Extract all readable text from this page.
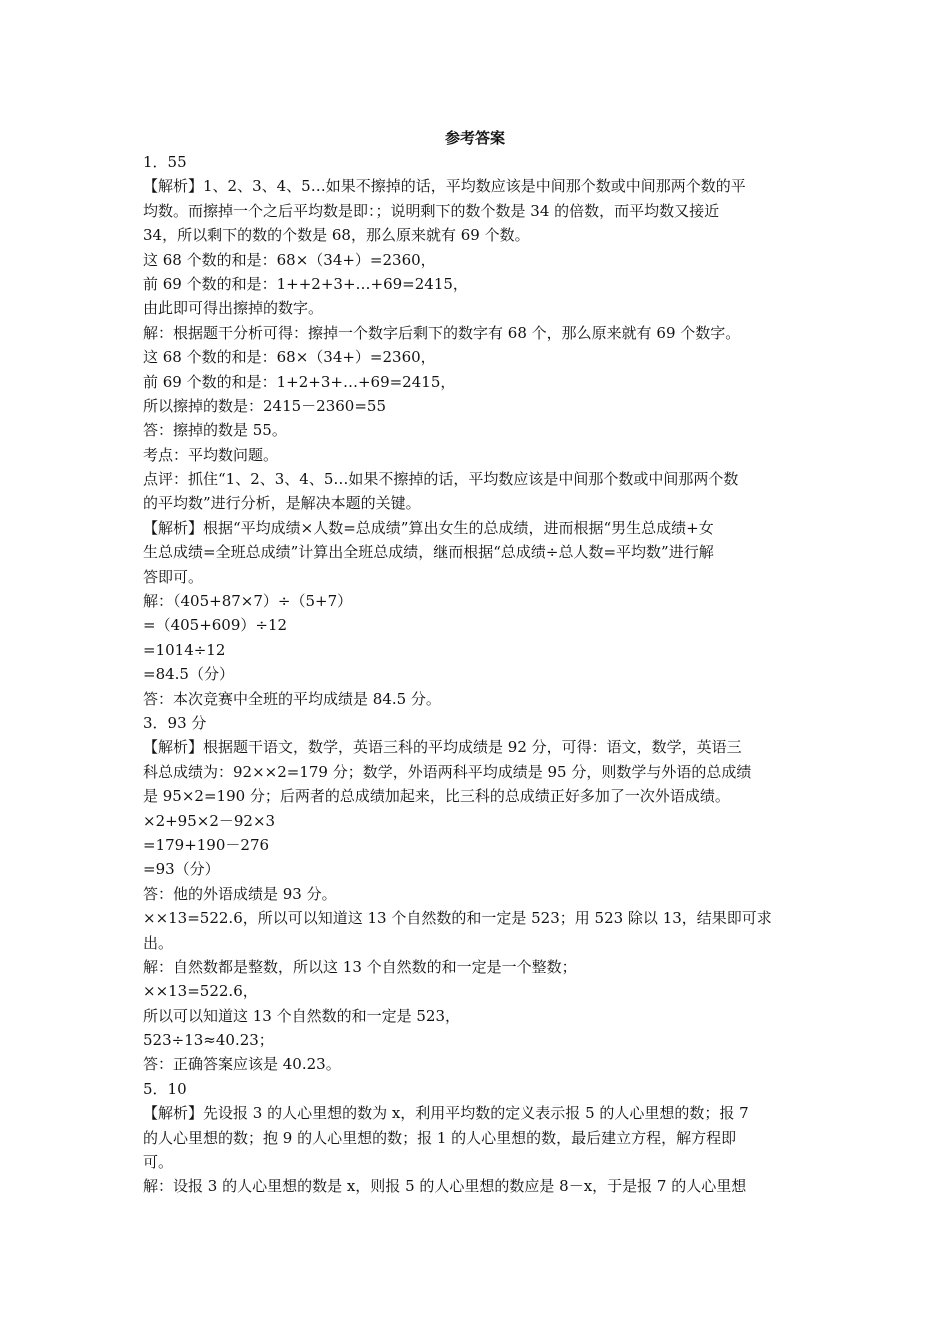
参考答案
1．55
【解析】1、2、3、4、5…如果不擦掉的话，平均数应该是中间那个数或中间那两个数的平
均数。而擦掉一个之后平均数是即：；说明剩下的数个数是 34 的倍数，而平均数又接近
34，所以剩下的数的个数是 68，那么原来就有 69 个数。
这 68 个数的和是：68×（34+）=2360，
前 69 个数的和是：1++2+3+…+69=2415，
由此即可得出擦掉的数字。
解：根据题干分析可得：擦掉一个数字后剩下的数字有 68 个，那么原来就有 69 个数字。
这 68 个数的和是：68×（34+）=2360，
前 69 个数的和是：1+2+3+…+69=2415，
所以擦掉的数是：2415－2360=55
答：擦掉的数是 55。
考点：平均数问题。
点评：抓住“1、2、3、4、5…如果不擦掉的话，平均数应该是中间那个数或中间那两个数
的平均数”进行分析，是解决本题的关键。
【解析】根据“平均成绩×人数=总成绩”算出女生的总成绩，进而根据“男生总成绩+女
生总成绩=全班总成绩”计算出全班总成绩，继而根据“总成绩÷总人数=平均数”进行解
答即可。
解：（405+87×7）÷（5+7）
=（405+609）÷12
=1014÷12
=84.5（分）
答：本次竞赛中全班的平均成绩是 84.5 分。
3．93 分
【解析】根据题干语文，数学，英语三科的平均成绩是 92 分，可得：语文，数学，英语三
科总成绩为：92××2=179 分；数学，外语两科平均成绩是 95 分，则数学与外语的总成绩
是 95×2=190 分；后两者的总成绩加起来，比三科的总成绩正好多加了一次外语成绩。
×2+95×2－92×3
=179+190－276
=93（分）
答：他的外语成绩是 93 分。
××13=522.6，所以可以知道这 13 个自然数的和一定是 523；用 523 除以 13，结果即可求
出。
解：自然数都是整数，所以这 13 个自然数的和一定是一个整数；
××13=522.6，
所以可以知道这 13 个自然数的和一定是 523，
523÷13≈40.23；
答：正确答案应该是 40.23。
5．10
【解析】先设报 3 的人心里想的数为 x，利用平均数的定义表示报 5 的人心里想的数；报 7
的人心里想的数；抱 9 的人心里想的数；报 1 的人心里想的数，最后建立方程，解方程即
可。
解：设报 3 的人心里想的数是 x，则报 5 的人心里想的数应是 8－x，于是报 7 的人心里想
